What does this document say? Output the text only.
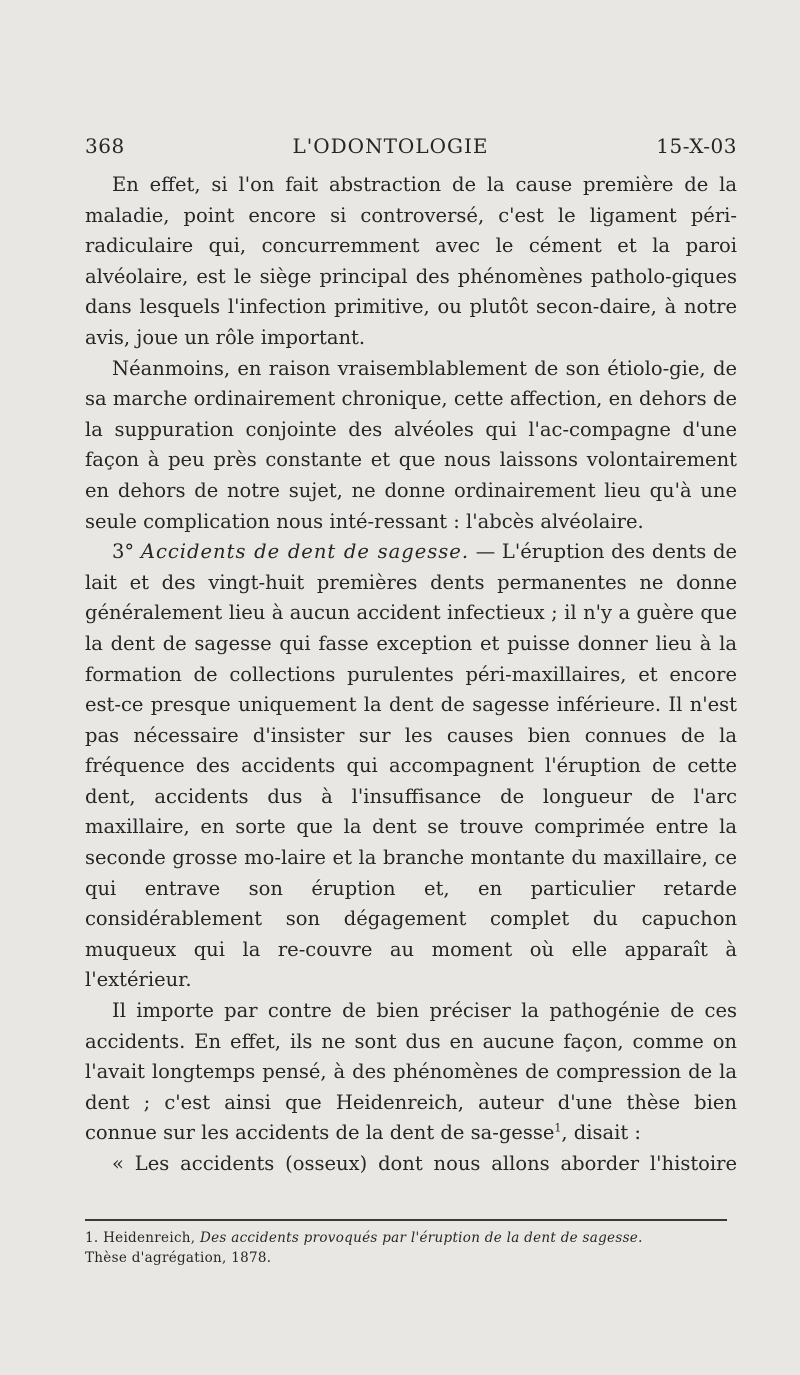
368	L'ODONTOLOGIE	15-X-03

En effet, si l'on fait abstraction de la cause première de la maladie, point encore si controversé, c'est le ligament péri-radiculaire qui, concurremment avec le cément et la paroi alvéolaire, est le siège principal des phénomènes patholo-giques dans lesquels l'infection primitive, ou plutôt secon-daire, à notre avis, joue un rôle important.

Néanmoins, en raison vraisemblablement de son étiolo-gie, de sa marche ordinairement chronique, cette affection, en dehors de la suppuration conjointe des alvéoles qui l'ac-compagne d'une façon à peu près constante et que nous laissons volontairement en dehors de notre sujet, ne donne ordinairement lieu qu'à une seule complication nous inté-ressant : l'abcès alvéolaire.

3° Accidents de dent de sagesse. — L'éruption des dents de lait et des vingt-huit premières dents permanentes ne donne généralement lieu à aucun accident infectieux ; il n'y a guère que la dent de sagesse qui fasse exception et puisse donner lieu à la formation de collections purulentes péri-maxillaires, et encore est-ce presque uniquement la dent de sagesse inférieure. Il n'est pas nécessaire d'insister sur les causes bien connues de la fréquence des accidents qui accompagnent l'éruption de cette dent, accidents dus à l'insuffisance de longueur de l'arc maxillaire, en sorte que la dent se trouve comprimée entre la seconde grosse mo-laire et la branche montante du maxillaire, ce qui entrave son éruption et, en particulier retarde considérablement son dégagement complet du capuchon muqueux qui la re-couvre au moment où elle apparaît à l'extérieur.

Il importe par contre de bien préciser la pathogénie de ces accidents. En effet, ils ne sont dus en aucune façon, comme on l'avait longtemps pensé, à des phénomènes de compression de la dent ; c'est ainsi que Heidenreich, auteur d'une thèse bien connue sur les accidents de la dent de sa-gesse$^1$, disait :

« Les accidents (osseux) dont nous allons aborder l'histoire

1. Heidenreich, Des accidents provoqués par l'éruption de la dent de sagesse.
Thèse d'agrégation, 1878.
